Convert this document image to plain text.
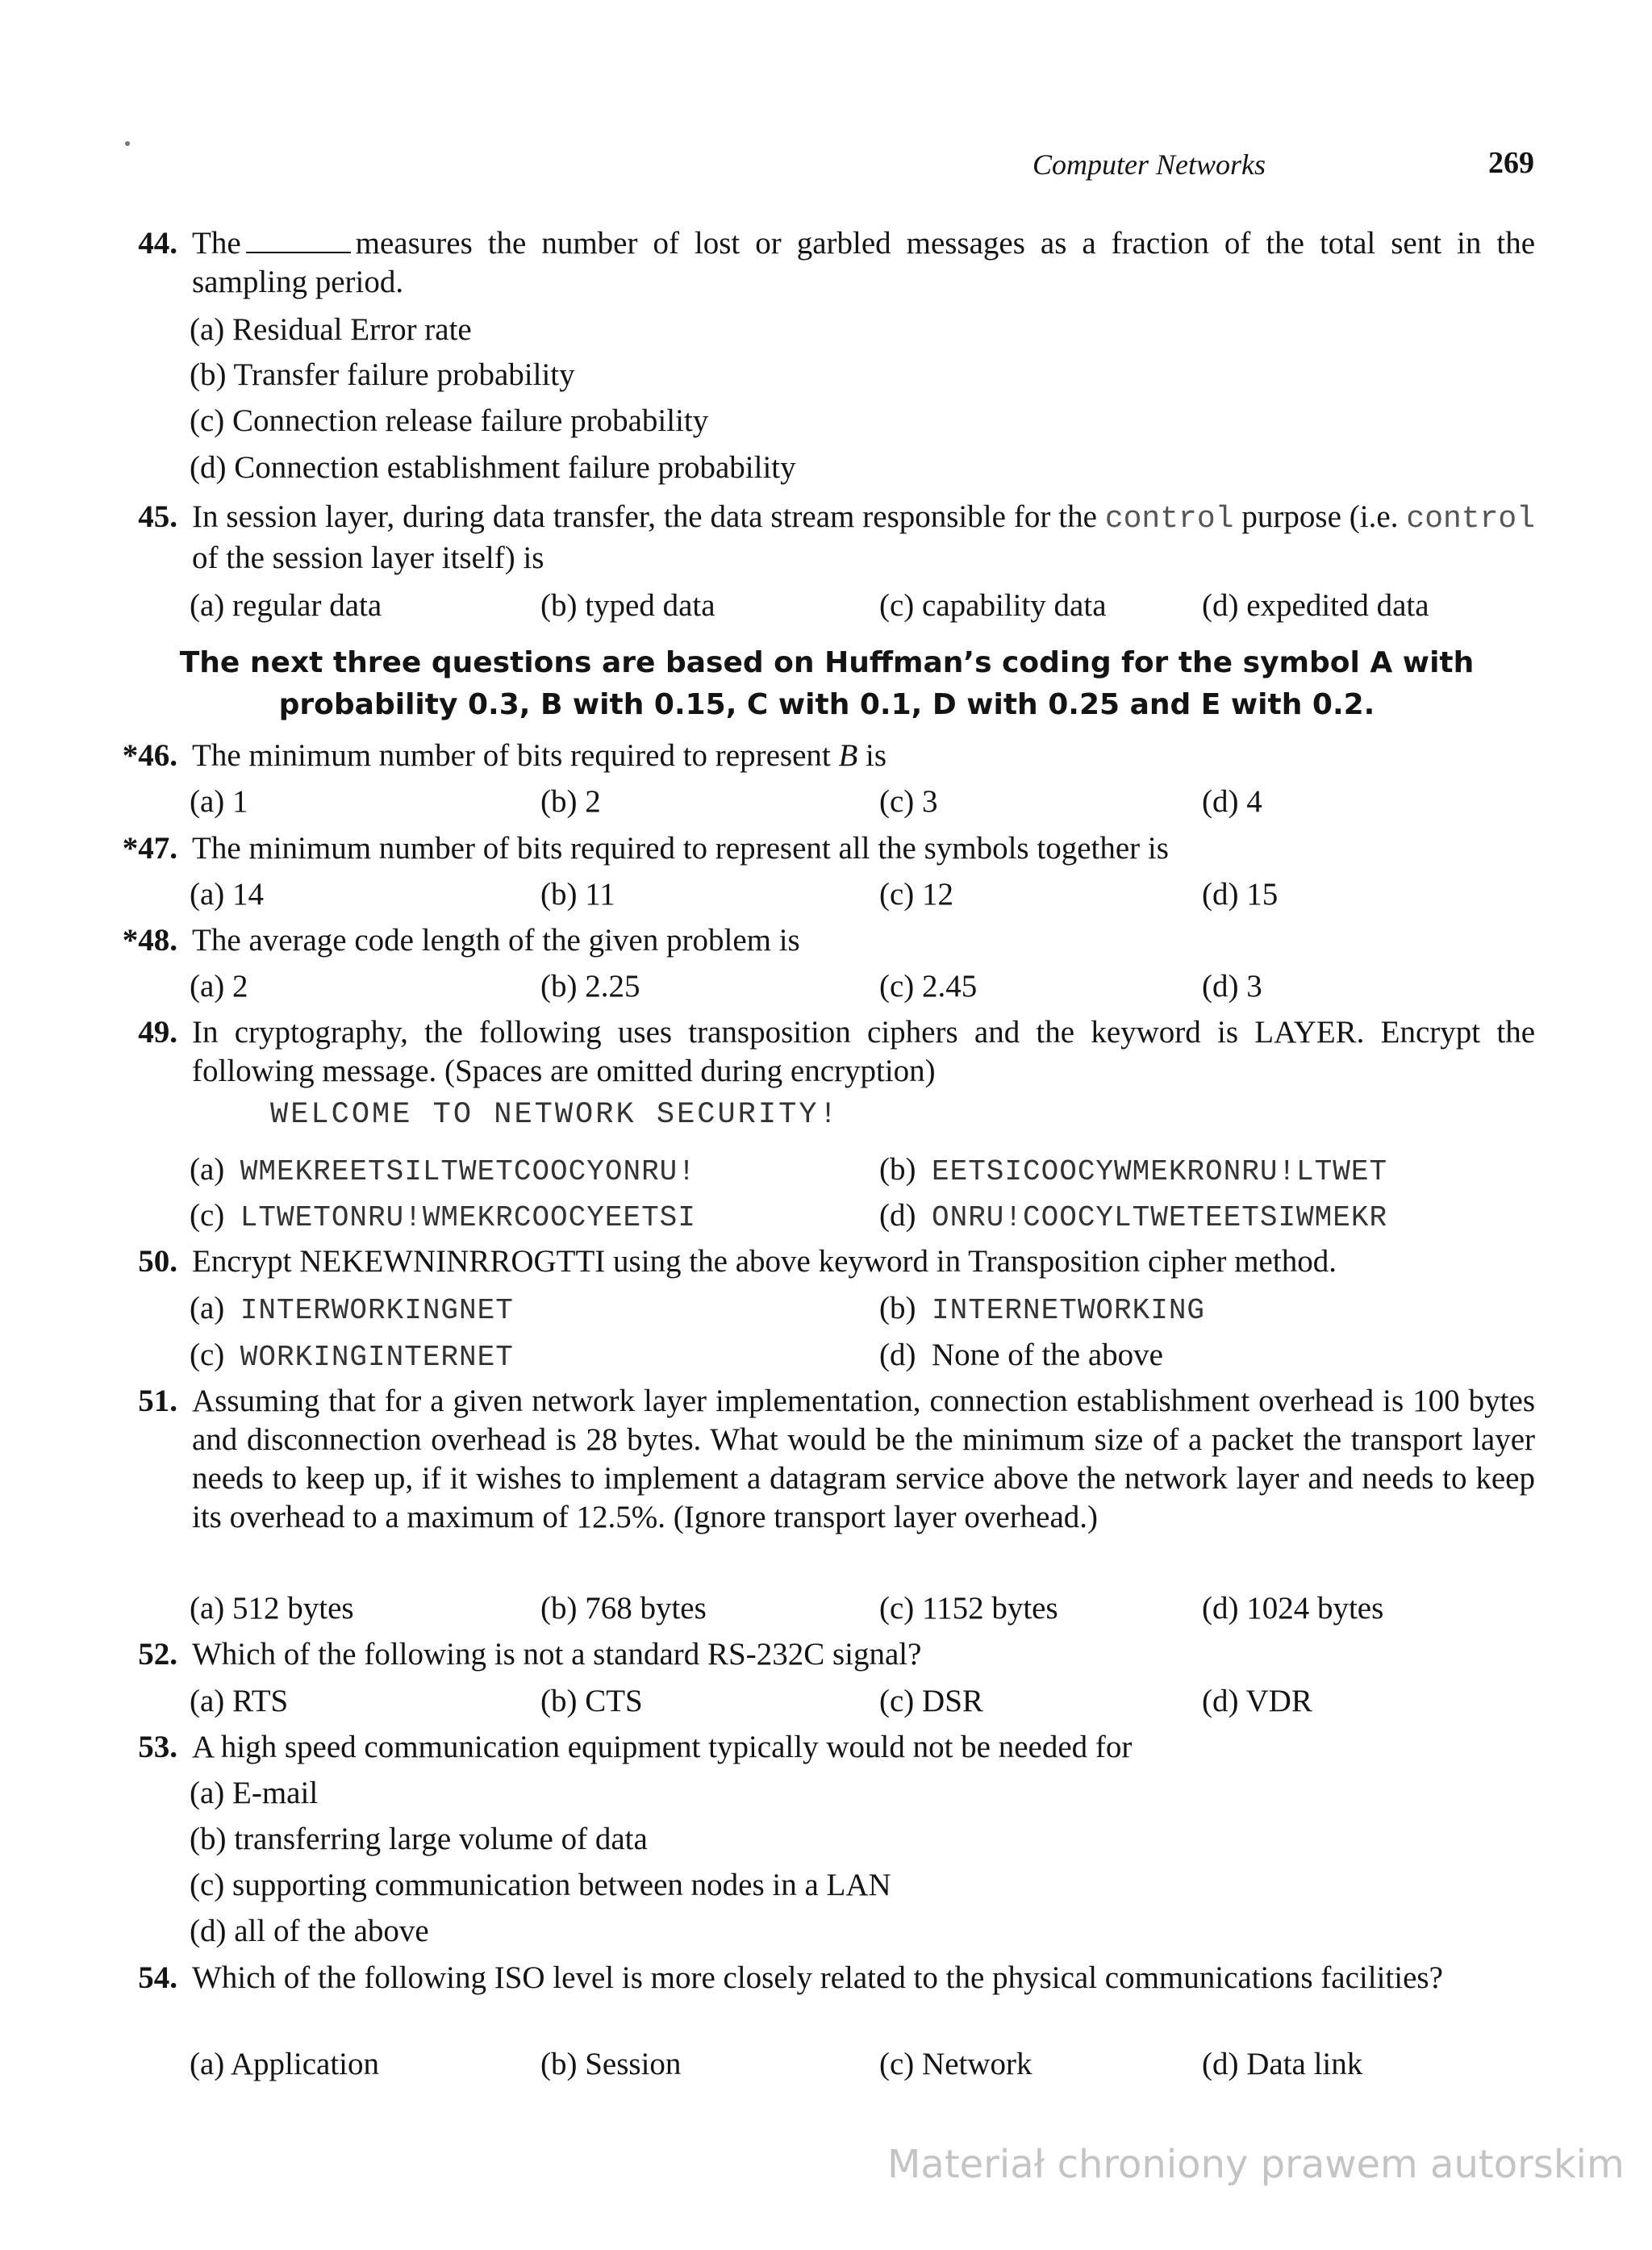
Computer Networks	269
44. The	measures the number of lost or garbled messages as a fraction of the total sent in the sampling period.
(a) Residual Error rate
(b) Transfer failure probability
(c) Connection release failure probability
(d) Connection establishment failure probability
45. In session layer, during data transfer, the data stream responsible for the control purpose (i.e. control of the session layer itself) is
(a) regular data	(b) typed data	(c) capability data	(d) expedited data
The next three questions are based on Huffman’s coding for the symbol A with probability 0.3, B with 0.15, C with 0.1, D with 0.25 and E with 0.2.
*46. The minimum number of bits required to represent B is
(a) 1	(b) 2	(c) 3	(d) 4
*47. The minimum number of bits required to represent all the symbols together is
(a) 14	(b) 11	(c) 12	(d) 15
*48. The average code length of the given problem is
(a) 2	(b) 2.25	(c) 2.45	(d) 3
49. In cryptography, the following uses transposition ciphers and the keyword is LAYER. Encrypt the following message. (Spaces are omitted during encryption)
WELCOME TO NETWORK SECURITY!
(a) WMEKREETSILTWETCOOCYONRU!	(b) EETSICOOCYWMEKRONRU!LTWET
(c) LTWETONRU!WMEKRCOOCYEETSI	(d) ONRU!COOCYLTWETEETSIWMEKR
50. Encrypt NEKEWNINRROGTTI using the above keyword in Transposition cipher method.
(a) INTERWORKINGNET	(b) INTERNETWORKING
(c) WORKINGINTERNET	(d) None of the above
51. Assuming that for a given network layer implementation, connection establishment overhead is 100 bytes and disconnection overhead is 28 bytes. What would be the minimum size of a packet the transport layer needs to keep up, if it wishes to implement a datagram service above the network layer and needs to keep its overhead to a maximum of 12.5%. (Ignore transport layer overhead.)
(a) 512 bytes	(b) 768 bytes	(c) 1152 bytes	(d) 1024 bytes
52. Which of the following is not a standard RS-232C signal?
(a) RTS	(b) CTS	(c) DSR	(d) VDR
53. A high speed communication equipment typically would not be needed for
(a) E-mail
(b) transferring large volume of data
(c) supporting communication between nodes in a LAN
(d) all of the above
54. Which of the following ISO level is more closely related to the physical communications facilities?
(a) Application	(b) Session	(c) Network	(d) Data link
Materiał chroniony prawem autorskim
